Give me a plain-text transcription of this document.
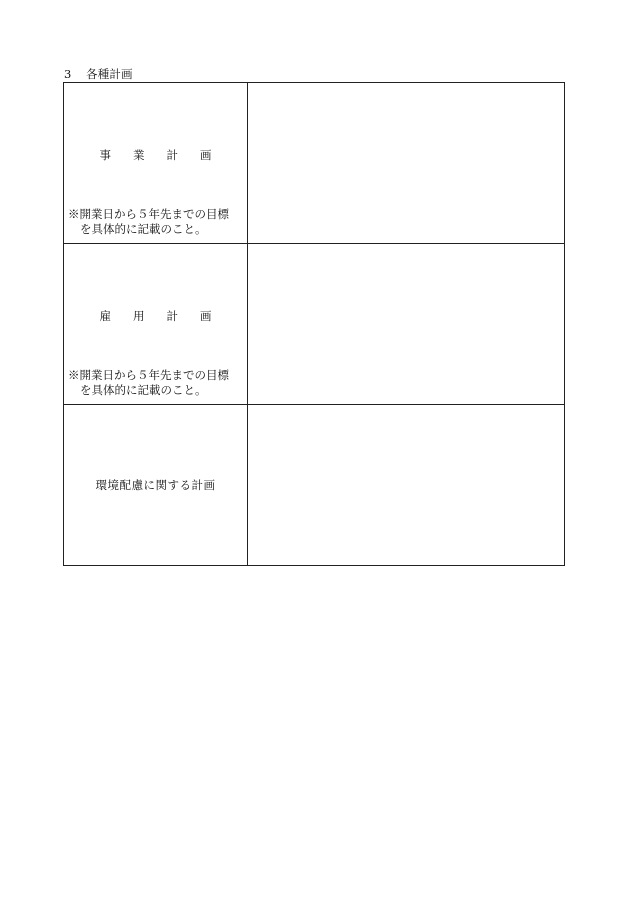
3 各種計画
事業計画
※開業日から５年先までの目標
を具体的に記載のこと。	

雇用計画
※開業日から５年先までの目標
を具体的に記載のこと。	

環境配慮に関する計画	
